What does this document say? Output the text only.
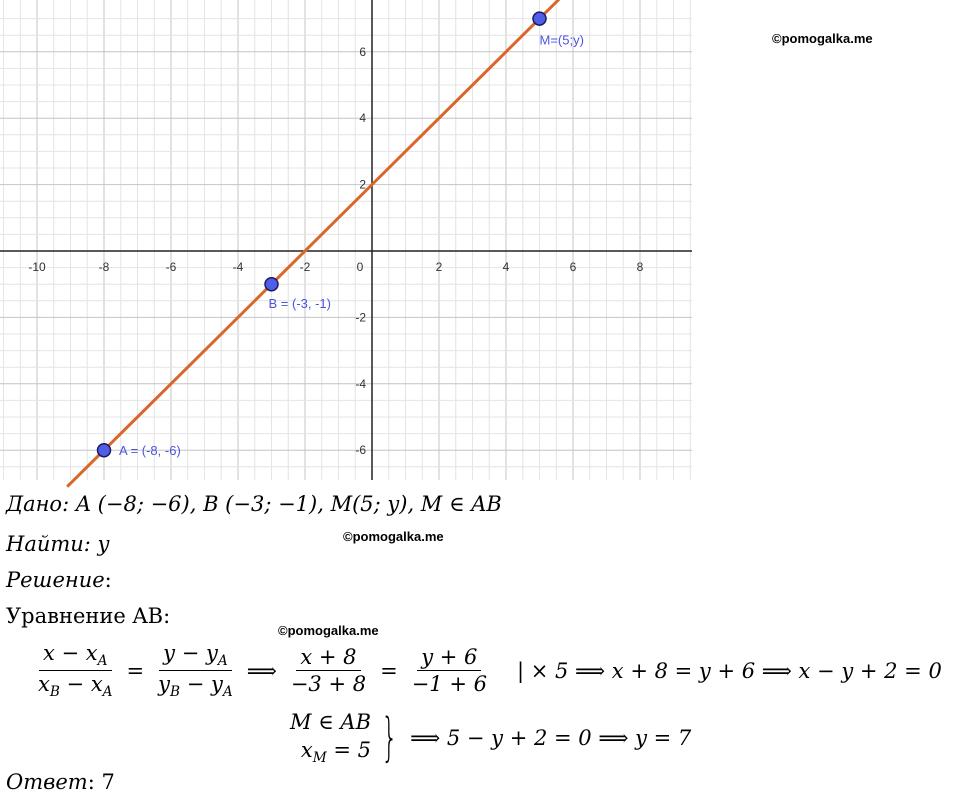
-10	-8	-6	-4	-2	0	2	4	6	8
-6
-4
-2
2
4
6
A = (-8, -6)
B = (-3, -1)
M=(5;y)	©pomogalka.me
©pomogalka.me
©pomogalka.me
Дано: A (−8; −6), B (−3; −1), M(5; y), M ∈ AB
Найти: y
Решение:
Уравнение AB:
$\frac{x - x_A}{x_B - x_A} = \frac{y - y_A}{y_B - y_A}$ ⟹ $\frac{x + 8}{-3 + 8} = \frac{y + 6}{-1 + 6}$ | × 5 ⟹ x + 8 = y + 6 ⟹ x − y + 2 = 0
M ∈ AB
$x_M = 5$ } ⟹ 5 − y + 2 = 0 ⟹ y = 7
Ответ: 7
